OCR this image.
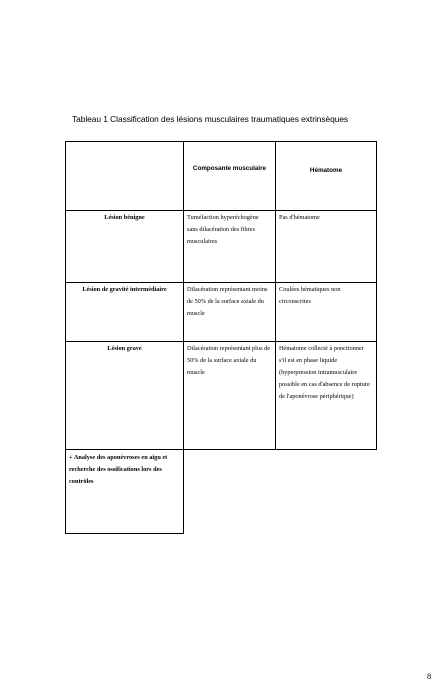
Tableau 1 Classification des lésions musculaires traumatiques extrinsèques
	Composante musculaire	Hématome
Lésion bénigne	Tuméfaction hyperéchogène sans dilacération des fibres musculaires	Pas d'hématome
Lésion de gravité intermédiaire	Dilacération représentant moins de 50% de la surface axiale du muscle	Coulées hématiques non circonscrites
Lésion grave	Dilacération représentant plus de 50% de la surface axiale du muscle	Hématome collecté à ponctionner s'il est en phase liquide (hyperpression intramusculaire possible en cas d'absence de rupture de l'aponévrose périphérique)
+ Analyse des aponévroses en aigu et recherche des ossifications lors des contrôles		
8
